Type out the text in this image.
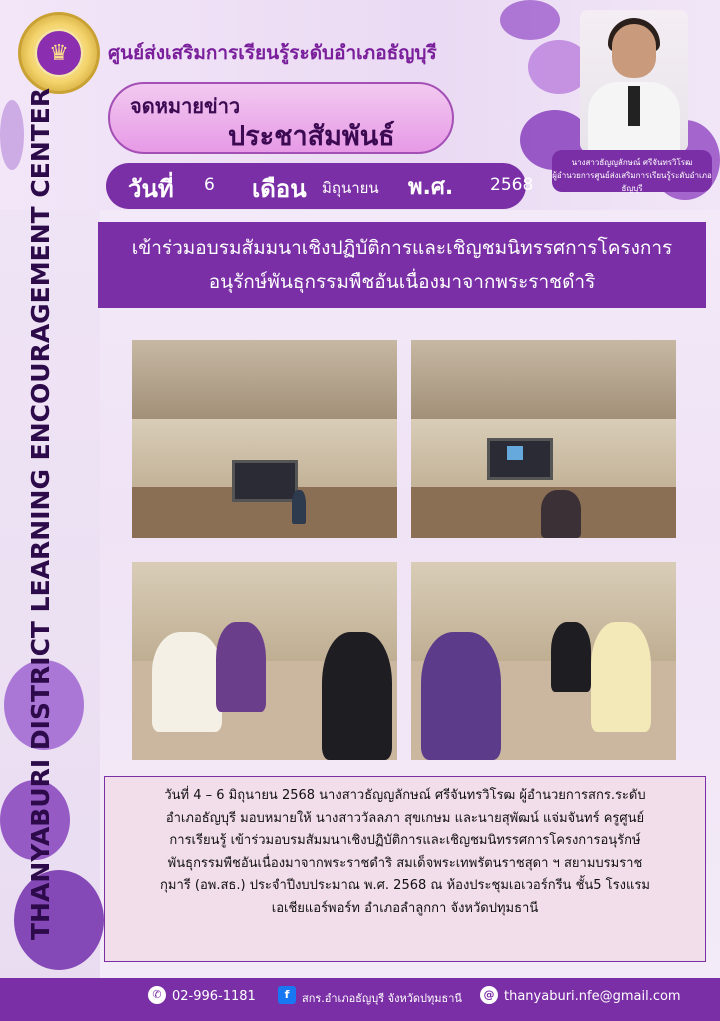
♛	ศูนย์ส่งเสริมการเรียนรู้ระดับอำเภอธัญบุรี
จดหมายข่าว
ประชาสัมพันธ์
วันที่ 6 เดือน มิถุนายน พ.ศ. 2568
นางสาวธัญญลักษณ์ ศรีจันทรวิโรฒ
ผู้อำนวยการศูนย์ส่งเสริมการเรียนรู้ระดับอำเภอธัญบุรี
THANYABURI DISTRICT LEARNING ENCOURAGEMENT CENTER	เข้าร่วมอบรมสัมมนาเชิงปฏิบัติการและเชิญชมนิทรรศการโครงการ
อนุรักษ์พันธุกรรมพืชอันเนื่องมาจากพระราชดำริ
วันที่ 4 – 6 มิถุนายน 2568 นางสาวธัญญลักษณ์ ศรีจันทรวิโรฒ ผู้อำนวยการสกร.ระดับ
อำเภอธัญบุรี มอบหมายให้ นางสาววัลลภา สุขเกษม และนายสุพัฒน์ แจ่มจันทร์ ครูศูนย์
การเรียนรู้ เข้าร่วมอบรมสัมมนาเชิงปฏิบัติการและเชิญชมนิทรรศการโครงการอนุรักษ์
พันธุกรรมพืชอันเนื่องมาจากพระราชดำริ สมเด็จพระเทพรัตนราชสุดา ฯ สยามบรมราช
กุมารี (อพ.สธ.) ประจำปีงบประมาณ พ.ศ. 2568 ณ ห้องประชุมเอเวอร์กรีน ชั้น5 โรงแรม
เอเชียแอร์พอร์ท อำเภอลำลูกกา จังหวัดปทุมธานี
✆ 02-996-1181	f	สกร.อำเภอธัญบุรี จังหวัดปทุมธานี	@ thanyaburi.nfe@gmail.com
